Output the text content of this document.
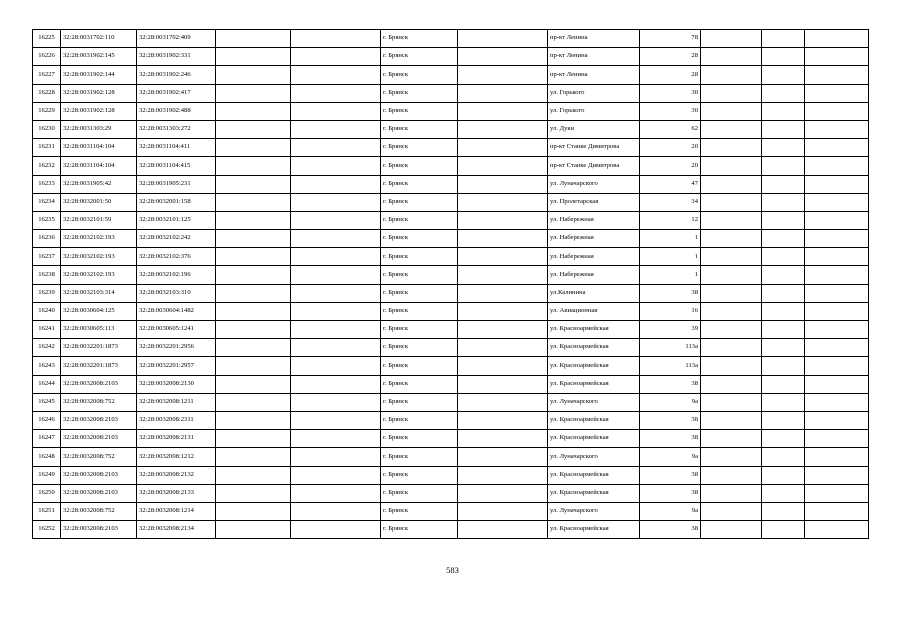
16225	32:28:0031702:110	32:28:0031702:409			г. Брянск		пр-кт Ленина	78			
16226	32:28:0031902:145	32:28:0031902:331			г. Брянск		пр-кт Ленина	28			
16227	32:28:0031902:144	32:28:0031902:246			г. Брянск		пр-кт Ленина	28			
16228	32:28:0031902:128	32:28:0031902:417			г. Брянск		ул. Горького	30			
16229	32:28:0031902:128	32:28:0031902:488			г. Брянск		ул. Горького	30			
16230	32:28:0031303:29	32:28:0031303:272			г. Брянск		ул. Дуки	62			
16231	32:28:0031104:104	32:28:0031104:411			г. Брянск		пр-кт Станке Димитрова	20			
16232	32:28:0031104:104	32:28:0031104:415			г. Брянск		пр-кт Станке Димитрова	20			
16233	32:28:0031905:42	32:28:0031905:231			г. Брянск		ул. Луначарского	47			
16234	32:28:0032001:50	32:28:0032001:158			г. Брянск		ул. Пролетарская	34			
16235	32:28:0032101:59	32:28:0032101:125			г. Брянск		ул. Набережная	12			
16236	32:28:0032102:193	32:28:0032102:242			г. Брянск		ул. Набережная	1			
16237	32:28:0032102:193	32:28:0032102:376			г. Брянск		ул. Набережная	1			
16238	32:28:0032102:193	32:28:0032102:196			г. Брянск		ул. Набережная	1			
16239	32:28:0032103:314	32:28:0032103:310			г. Брянск		ул.Калинина	38			
16240	32:28:0030604:125	32:28:0030604:1482			г. Брянск		ул. Авиационная	16			
16241	32:28:0030605:113	32:28:0030605:1241			г. Брянск		ул. Красноармейская	39			
16242	32:28:0032201:1873	32:28:0032201:2956			г. Брянск		ул. Красноармейская	113а			
16243	32:28:0032201:1873	32:28:0032201:2957			г. Брянск		ул. Красноармейская	113а			
16244	32:28:0032008:2103	32:28:0032008:2130			г. Брянск		ул. Красноармейская	38			
16245	32:28:0032008:752	32:28:0032008:1211			г. Брянск		ул. Луначарского	9а			
16246	32:28:0032008:2103	32:28:0032008:2311			г. Брянск		ул. Красноармейская	38			
16247	32:28:0032008:2103	32:28:0032008:2131			г. Брянск		ул. Красноармейская	38			
16248	32:28:0032008:752	32:28:0032008:1212			г. Брянск		ул. Луначарского	9а			
16249	32:28:0032008:2103	32:28:0032008:2132			г. Брянск		ул. Красноармейская	38			
16250	32:28:0032008:2103	32:28:0032008:2133			г. Брянск		ул. Красноармейская	38			
16251	32:28:0032008:752	32:28:0032008:1214			г. Брянск		ул. Луначарского	9а			
16252	32:28:0032008:2103	32:28:0032008:2134			г. Брянск		ул. Красноармейская	38			
583
